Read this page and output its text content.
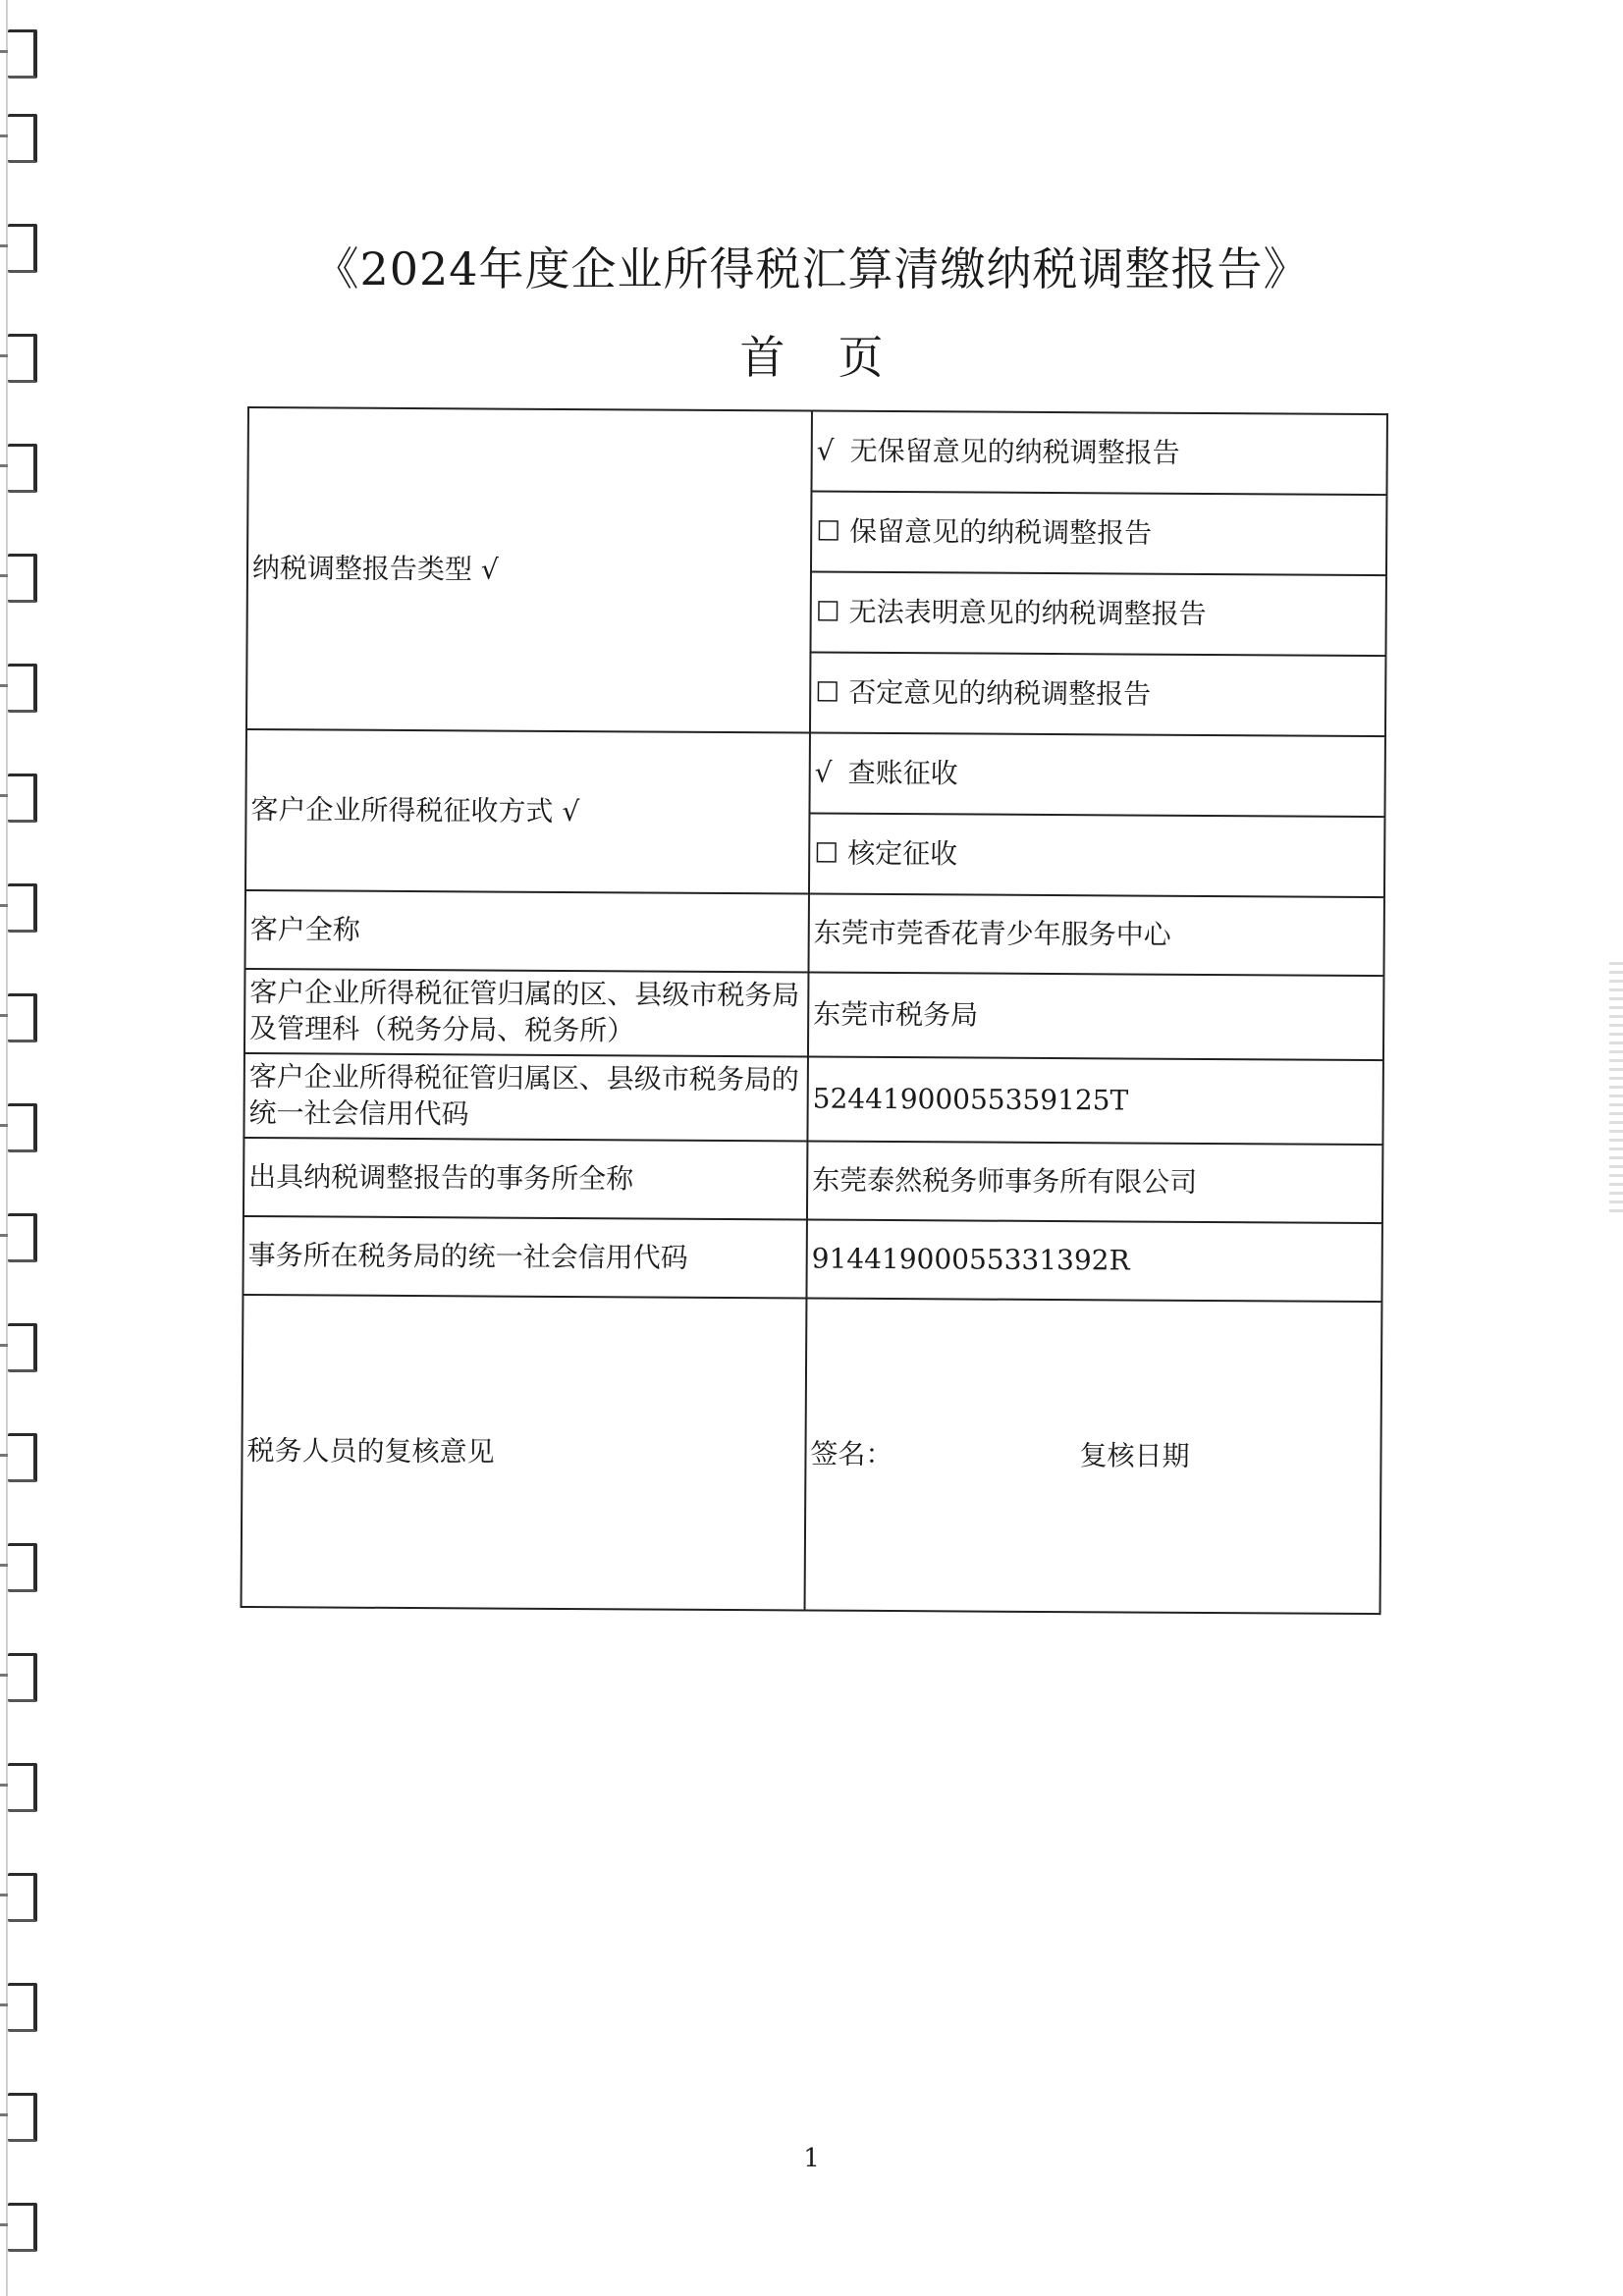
《2024年度企业所得税汇算清缴纳税调整报告》
首页
纳税调整报告类型 √	√ 无保留意见的纳税调整报告
	☐ 保留意见的纳税调整报告
	☐ 无法表明意见的纳税调整报告
	☐ 否定意见的纳税调整报告
客户企业所得税征收方式 √	√ 查账征收
	☐ 核定征收
客户全称	东莞市莞香花青少年服务中心
客户企业所得税征管归属的区、县级市税务局及管理科（税务分局、税务所）	东莞市税务局
客户企业所得税征管归属区、县级市税务局的统一社会信用代码	52441900055359125T
出具纳税调整报告的事务所全称	东莞泰然税务师事务所有限公司
事务所在税务局的统一社会信用代码	91441900055331392R
税务人员的复核意见	签名： 复核日期
1
